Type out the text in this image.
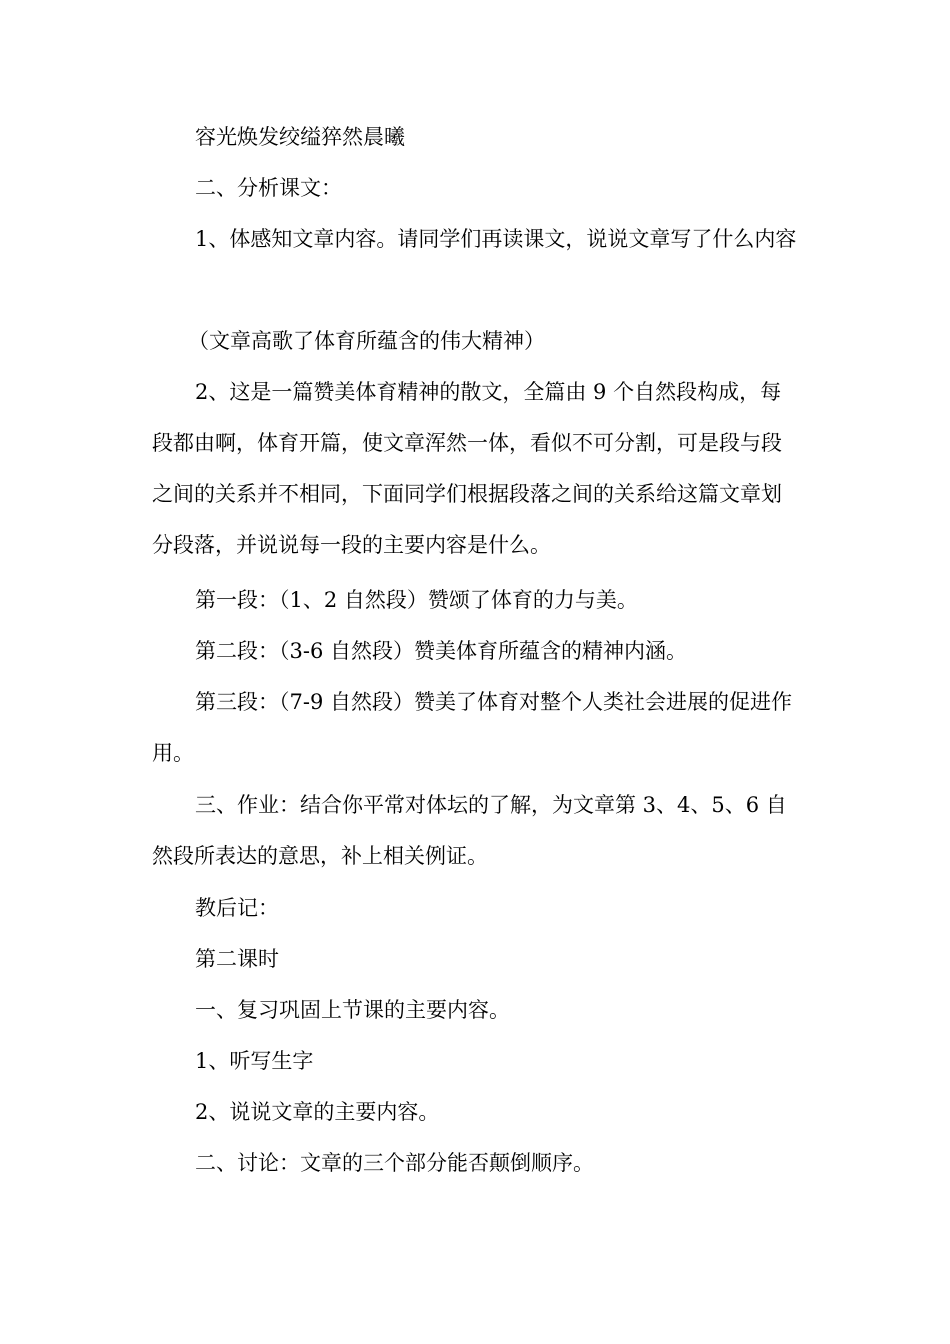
容光焕发绞缢猝然晨曦

二、分析课文：

1、体感知文章内容。请同学们再读课文，说说文章写了什么内容

（文章高歌了体育所蕴含的伟大精神）

2、这是一篇赞美体育精神的散文，全篇由 9 个自然段构成，每段都由啊，体育开篇，使文章浑然一体，看似不可分割，可是段与段之间的关系并不相同，下面同学们根据段落之间的关系给这篇文章划分段落，并说说每一段的主要内容是什么。

第一段：（1、2 自然段）赞颂了体育的力与美。

第二段：（3-6 自然段）赞美体育所蕴含的精神内涵。

第三段：（7-9 自然段）赞美了体育对整个人类社会进展的促进作用。

三、作业：结合你平常对体坛的了解，为文章第 3、4、5、6 自然段所表达的意思，补上相关例证。

教后记：

第二课时

一、复习巩固上节课的主要内容。

1、听写生字

2、说说文章的主要内容。

二、讨论：文章的三个部分能否颠倒顺序。
